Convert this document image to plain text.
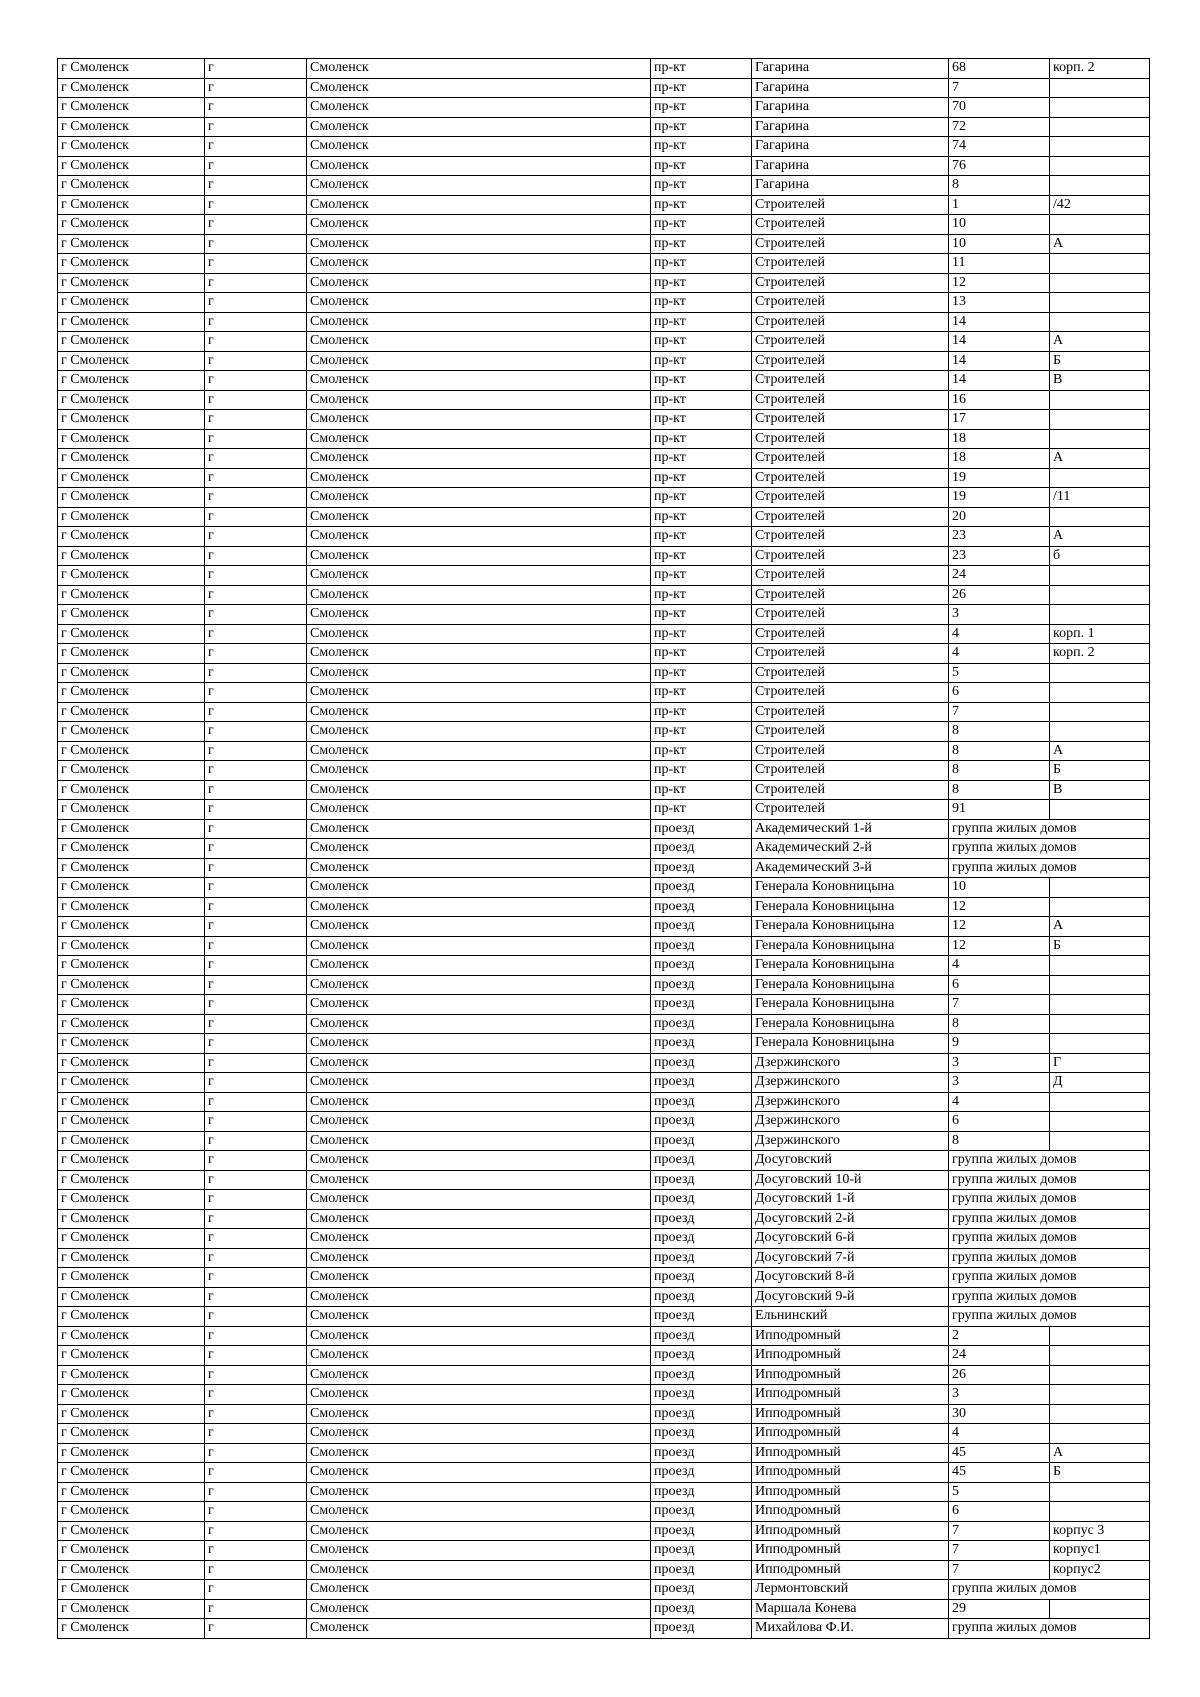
г Смоленск	г	Смоленск	пр-кт	Гагарина	68	корп. 2
г Смоленск	г	Смоленск	пр-кт	Гагарина	7	
г Смоленск	г	Смоленск	пр-кт	Гагарина	70	
г Смоленск	г	Смоленск	пр-кт	Гагарина	72	
г Смоленск	г	Смоленск	пр-кт	Гагарина	74	
г Смоленск	г	Смоленск	пр-кт	Гагарина	76	
г Смоленск	г	Смоленск	пр-кт	Гагарина	8	
г Смоленск	г	Смоленск	пр-кт	Строителей	1	/42
г Смоленск	г	Смоленск	пр-кт	Строителей	10	
г Смоленск	г	Смоленск	пр-кт	Строителей	10	А
г Смоленск	г	Смоленск	пр-кт	Строителей	11	
г Смоленск	г	Смоленск	пр-кт	Строителей	12	
г Смоленск	г	Смоленск	пр-кт	Строителей	13	
г Смоленск	г	Смоленск	пр-кт	Строителей	14	
г Смоленск	г	Смоленск	пр-кт	Строителей	14	А
г Смоленск	г	Смоленск	пр-кт	Строителей	14	Б
г Смоленск	г	Смоленск	пр-кт	Строителей	14	В
г Смоленск	г	Смоленск	пр-кт	Строителей	16	
г Смоленск	г	Смоленск	пр-кт	Строителей	17	
г Смоленск	г	Смоленск	пр-кт	Строителей	18	
г Смоленск	г	Смоленск	пр-кт	Строителей	18	А
г Смоленск	г	Смоленск	пр-кт	Строителей	19	
г Смоленск	г	Смоленск	пр-кт	Строителей	19	/11
г Смоленск	г	Смоленск	пр-кт	Строителей	20	
г Смоленск	г	Смоленск	пр-кт	Строителей	23	А
г Смоленск	г	Смоленск	пр-кт	Строителей	23	б
г Смоленск	г	Смоленск	пр-кт	Строителей	24	
г Смоленск	г	Смоленск	пр-кт	Строителей	26	
г Смоленск	г	Смоленск	пр-кт	Строителей	3	
г Смоленск	г	Смоленск	пр-кт	Строителей	4	корп. 1
г Смоленск	г	Смоленск	пр-кт	Строителей	4	корп. 2
г Смоленск	г	Смоленск	пр-кт	Строителей	5	
г Смоленск	г	Смоленск	пр-кт	Строителей	6	
г Смоленск	г	Смоленск	пр-кт	Строителей	7	
г Смоленск	г	Смоленск	пр-кт	Строителей	8	
г Смоленск	г	Смоленск	пр-кт	Строителей	8	А
г Смоленск	г	Смоленск	пр-кт	Строителей	8	Б
г Смоленск	г	Смоленск	пр-кт	Строителей	8	В
г Смоленск	г	Смоленск	пр-кт	Строителей	91	
г Смоленск	г	Смоленск	проезд	Академический 1-й	группа жилых домов	
г Смоленск	г	Смоленск	проезд	Академический 2-й	группа жилых домов	
г Смоленск	г	Смоленск	проезд	Академический 3-й	группа жилых домов	
г Смоленск	г	Смоленск	проезд	Генерала Коновницына	10	
г Смоленск	г	Смоленск	проезд	Генерала Коновницына	12	
г Смоленск	г	Смоленск	проезд	Генерала Коновницына	12	А
г Смоленск	г	Смоленск	проезд	Генерала Коновницына	12	Б
г Смоленск	г	Смоленск	проезд	Генерала Коновницына	4	
г Смоленск	г	Смоленск	проезд	Генерала Коновницына	6	
г Смоленск	г	Смоленск	проезд	Генерала Коновницына	7	
г Смоленск	г	Смоленск	проезд	Генерала Коновницына	8	
г Смоленск	г	Смоленск	проезд	Генерала Коновницына	9	
г Смоленск	г	Смоленск	проезд	Дзержинского	3	Г
г Смоленск	г	Смоленск	проезд	Дзержинского	3	Д
г Смоленск	г	Смоленск	проезд	Дзержинского	4	
г Смоленск	г	Смоленск	проезд	Дзержинского	6	
г Смоленск	г	Смоленск	проезд	Дзержинского	8	
г Смоленск	г	Смоленск	проезд	Досуговский	группа жилых домов	
г Смоленск	г	Смоленск	проезд	Досуговский 10-й	группа жилых домов	
г Смоленск	г	Смоленск	проезд	Досуговский 1-й	группа жилых домов	
г Смоленск	г	Смоленск	проезд	Досуговский 2-й	группа жилых домов	
г Смоленск	г	Смоленск	проезд	Досуговский 6-й	группа жилых домов	
г Смоленск	г	Смоленск	проезд	Досуговский 7-й	группа жилых домов	
г Смоленск	г	Смоленск	проезд	Досуговский 8-й	группа жилых домов	
г Смоленск	г	Смоленск	проезд	Досуговский 9-й	группа жилых домов	
г Смоленск	г	Смоленск	проезд	Ельнинский	группа жилых домов	
г Смоленск	г	Смоленск	проезд	Ипподромный	2	
г Смоленск	г	Смоленск	проезд	Ипподромный	24	
г Смоленск	г	Смоленск	проезд	Ипподромный	26	
г Смоленск	г	Смоленск	проезд	Ипподромный	3	
г Смоленск	г	Смоленск	проезд	Ипподромный	30	
г Смоленск	г	Смоленск	проезд	Ипподромный	4	
г Смоленск	г	Смоленск	проезд	Ипподромный	45	А
г Смоленск	г	Смоленск	проезд	Ипподромный	45	Б
г Смоленск	г	Смоленск	проезд	Ипподромный	5	
г Смоленск	г	Смоленск	проезд	Ипподромный	6	
г Смоленск	г	Смоленск	проезд	Ипподромный	7	корпус 3
г Смоленск	г	Смоленск	проезд	Ипподромный	7	корпус1
г Смоленск	г	Смоленск	проезд	Ипподромный	7	корпус2
г Смоленск	г	Смоленск	проезд	Лермонтовский	группа жилых домов	
г Смоленск	г	Смоленск	проезд	Маршала Конева	29	
г Смоленск	г	Смоленск	проезд	Михайлова Ф.И.	группа жилых домов	
